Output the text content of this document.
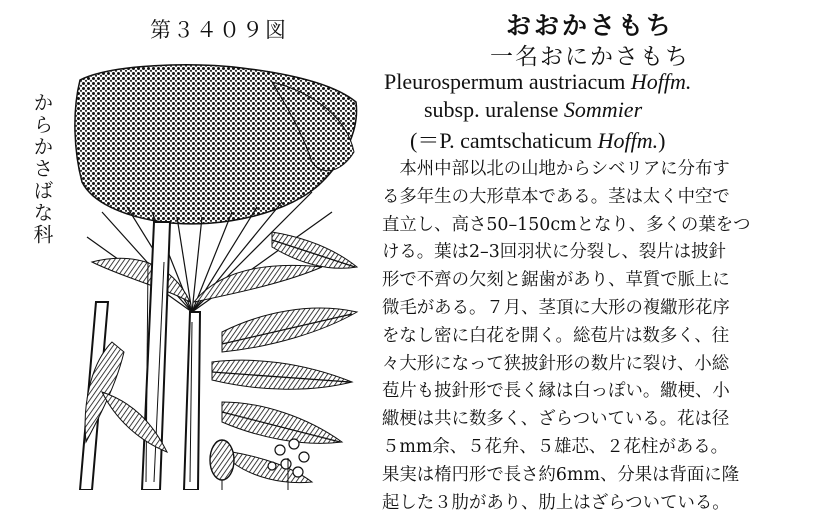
第３４０９図
からかさばな科
おおかさもち
一名おにかさもち
Pleurospermum austriacum Hoffm.
subsp. uralense Sommier
(＝P. camtschaticum Hoffm.)
　本州中部以北の山地からシベリアに分布す
る多年生の大形草本である。茎は太く中空で
直立し、高さ50–150cmとなり、多くの葉をつ
ける。葉は2–3回羽状に分裂し、裂片は披針
形で不齊の欠刻と鋸歯があり、草質で脈上に
微毛がある。７月、茎頂に大形の複繖形花序
をなし密に白花を開く。総苞片は数多く、往
々大形になって狭披針形の数片に裂け、小総
苞片も披針形で長く縁は白っぽい。繖梗、小
繖梗は共に数多く、ざらついている。花は径
５mm余、５花弁、５雄芯、２花柱がある。
果実は楕円形で長さ約6mm、分果は背面に隆
起した３肋があり、肋上はざらついている。
